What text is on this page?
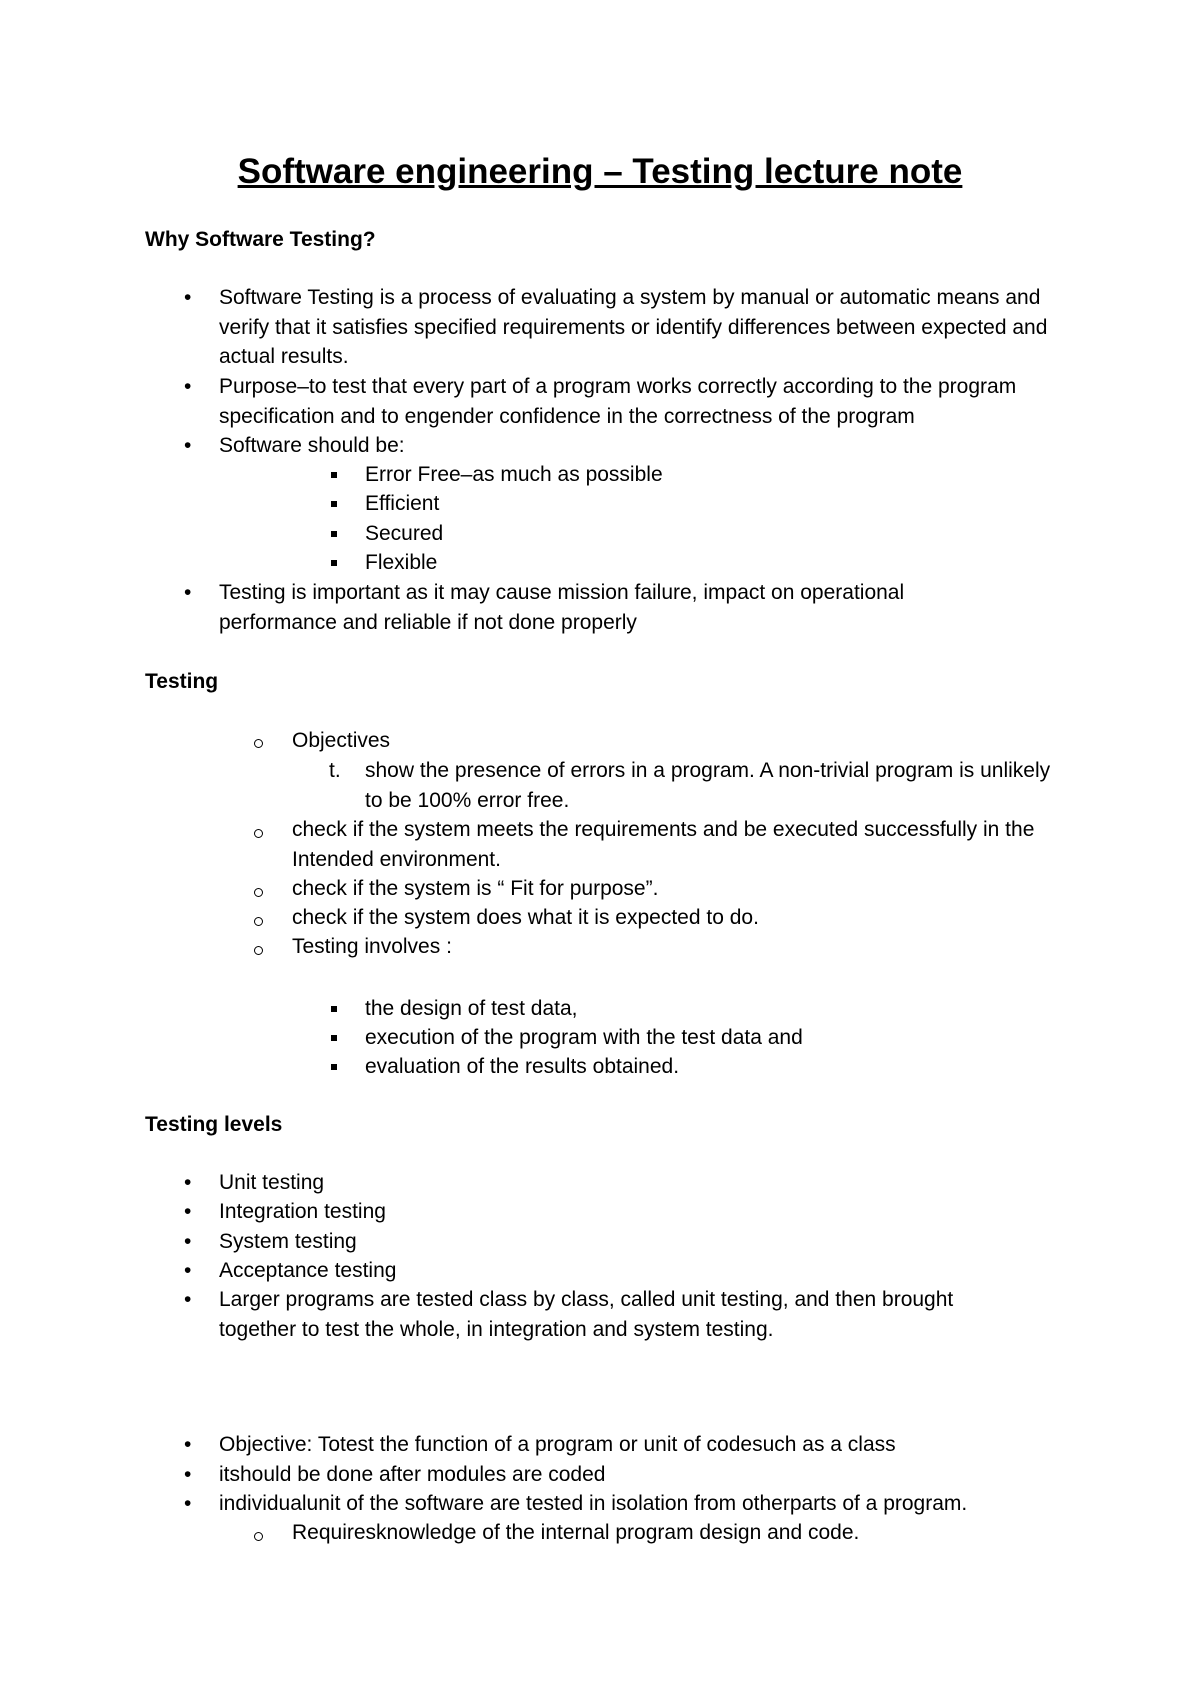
Software engineering – Testing lecture note
Why Software Testing?
• Software Testing is a process of evaluating a system by manual or automatic means and verify that it satisfies specified requirements or identify differences between expected and actual results.

• Purpose–to test that every part of a program works correctly according to the program specification and to engender confidence in the correctness of the program

• Software should be:

Error Free–as much as possible

Efficient

Secured

Flexible

• Testing is important as it may cause mission failure, impact on operational performance and reliable if not done properly

Testing

Objectives

t. show the presence of errors in a program. A non-trivial program is unlikely to be 100% error free.

check if the system meets the requirements and be executed successfully in the Intended environment.

check if the system is “ Fit for purpose”.

check if the system does what it is expected to do.

Testing involves :

the design of test data,

execution of the program with the test data and

evaluation of the results obtained.

Testing levels
• Unit testing

• Integration testing

• System testing

• Acceptance testing

• Larger programs are tested class by class, called unit testing, and then brought together to test the whole, in integration and system testing.

• Objective: Totest the function of a program or unit of codesuch as a class

• itshould be done after modules are coded

• individualunit of the software are tested in isolation from otherparts of a program.

Requiresknowledge of the internal program design and code.
